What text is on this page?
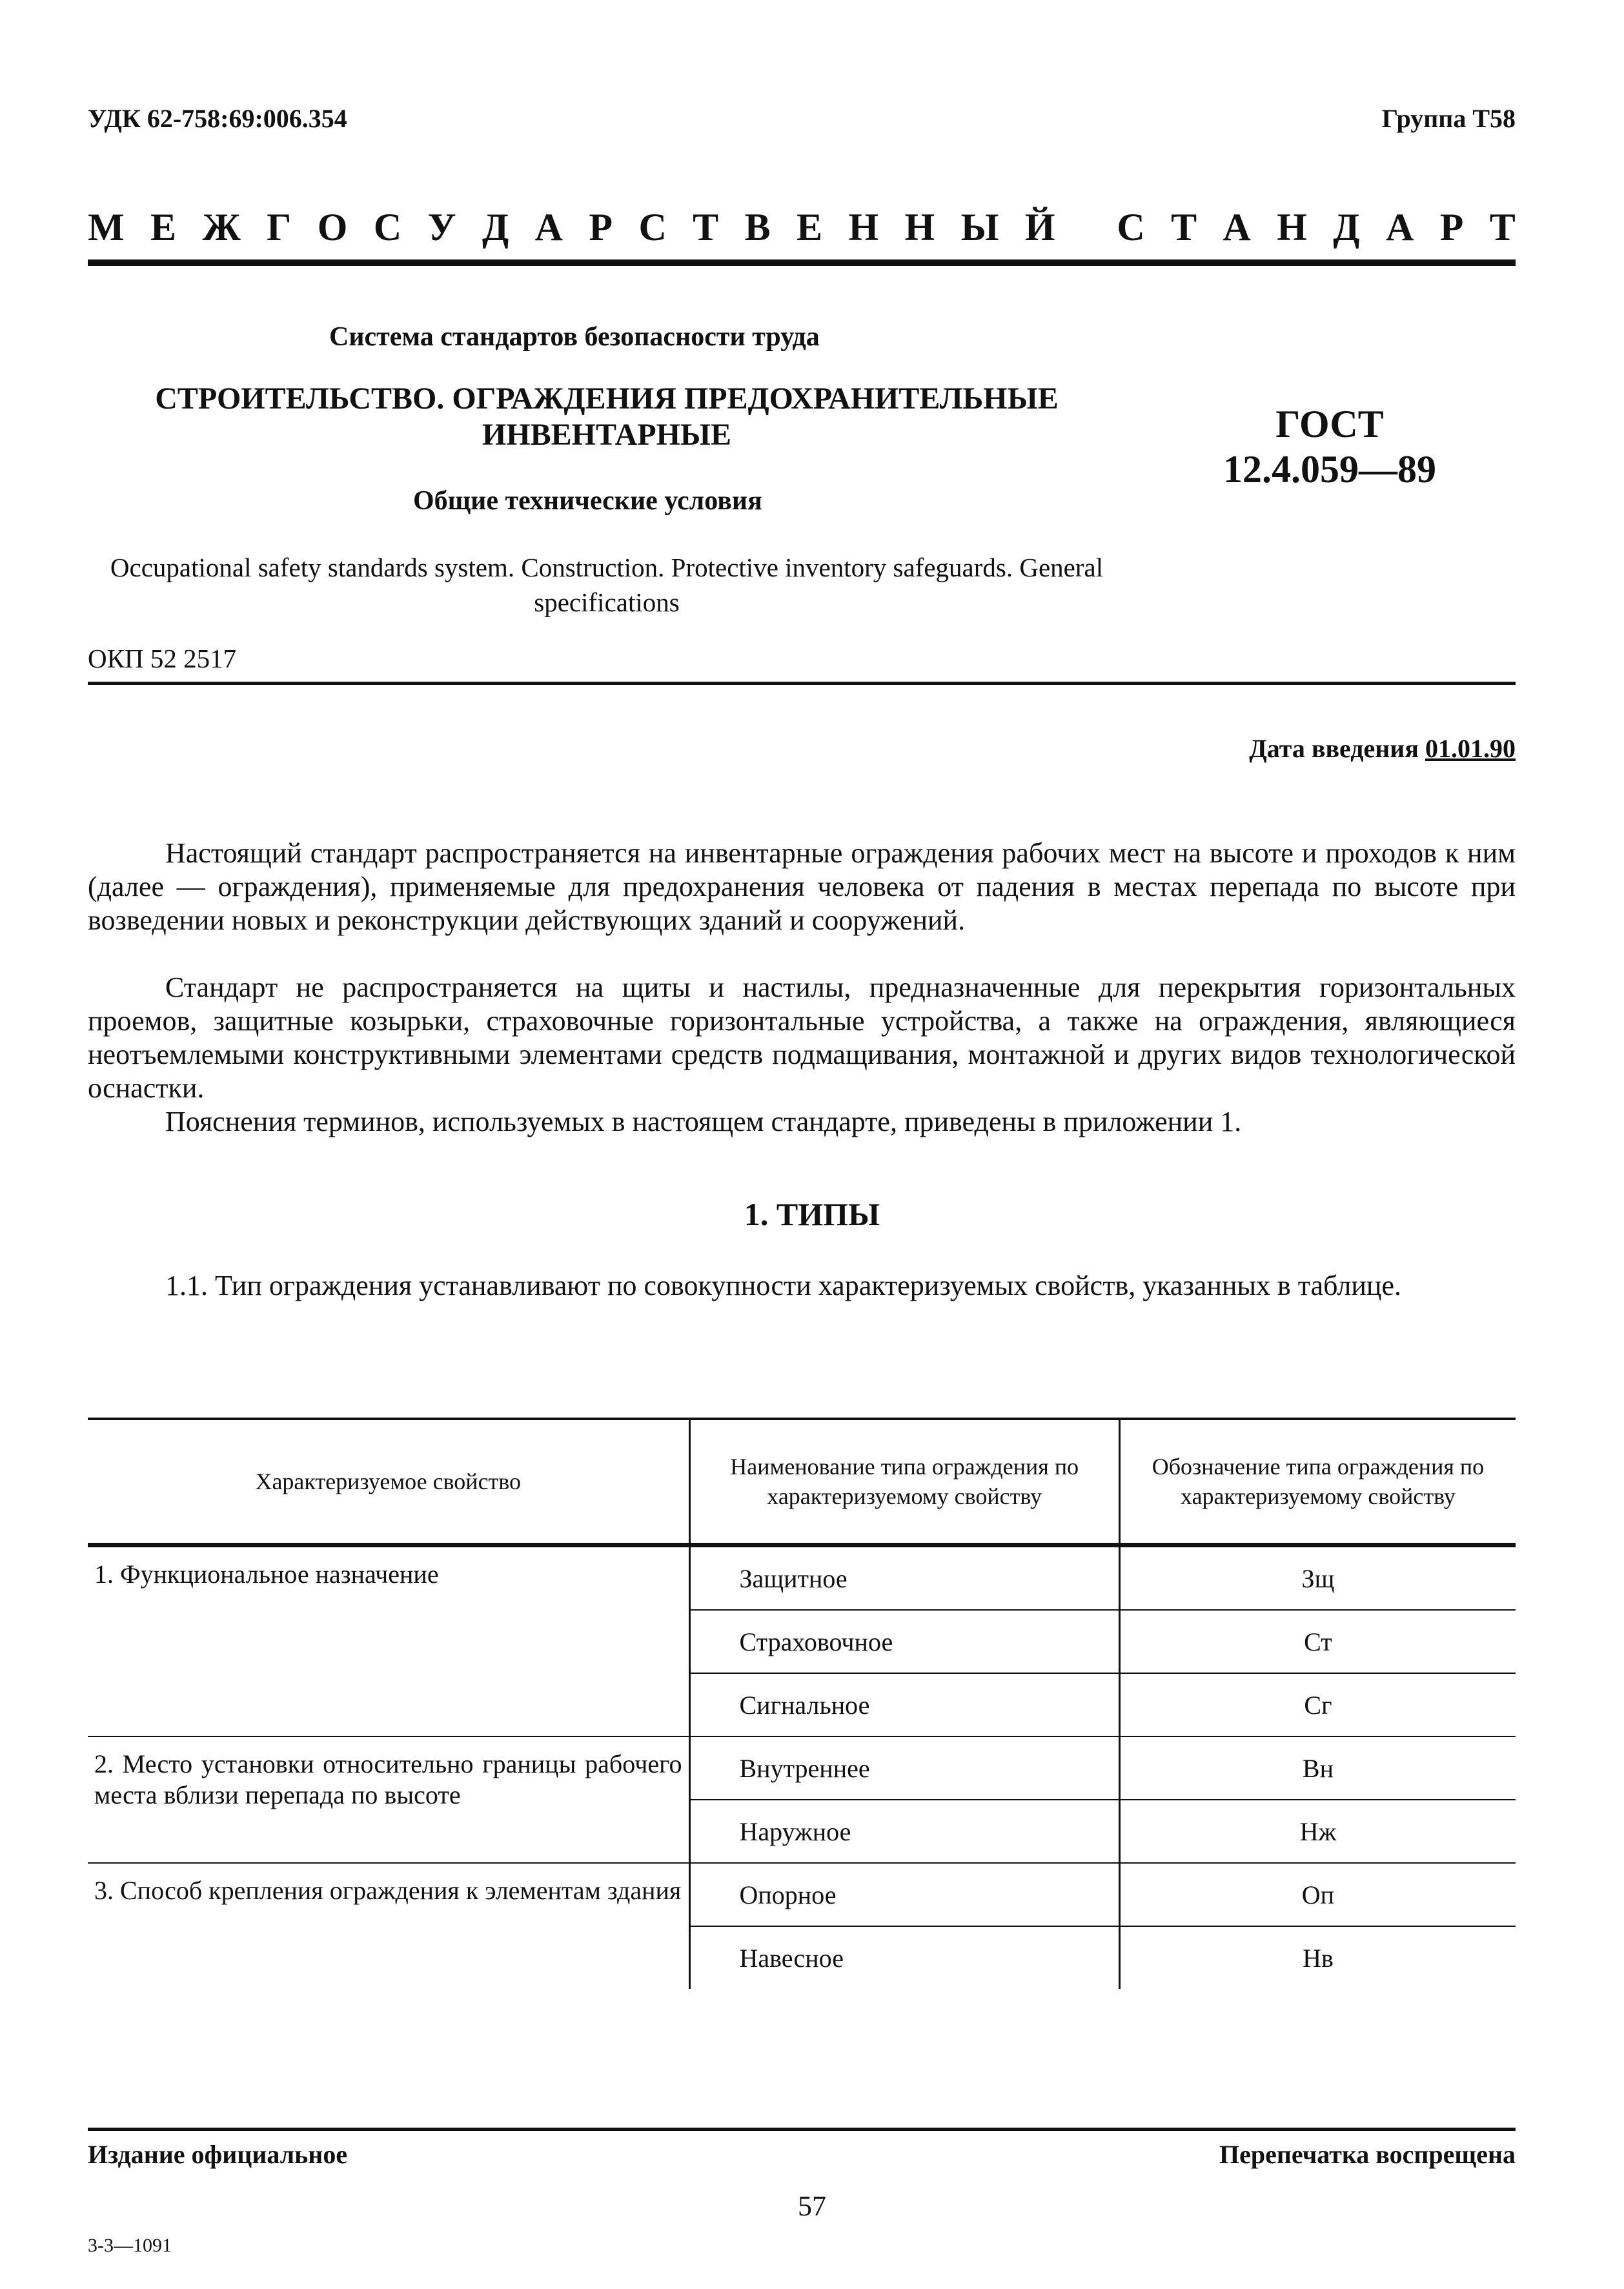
УДК 62-758:69:006.354	Группа Т58
М Е Ж Г О С У Д А Р С Т В Е Н Н Ы Й
С Т А Н Д А Р Т
Система стандартов безопасности труда
СТРОИТЕЛЬСТВО. ОГРАЖДЕНИЯ ПРЕДОХРАНИТЕЛЬНЫЕ ИНВЕНТАРНЫЕ
Общие технические условия
ГОСТ
12.4.059—89
Occupational safety standards system. Construction. Protective inventory safeguards. General specifications
ОКП 52 2517
Дата введения 01.01.90
Настоящий стандарт распространяется на инвентарные ограждения рабочих мест на высоте и проходов к ним (далее — ограждения), применяемые для предохранения человека от падения в местах перепада по высоте при возведении новых и реконструкции действующих зданий и сооружений.
Стандарт не распространяется на щиты и настилы, предназначенные для перекрытия горизонтальных проемов, защитные козырьки, страховочные горизонтальные устройства, а также на ограждения, являющиеся неотъемлемыми конструктивными элементами средств подмащивания, монтажной и других видов технологической оснастки.
Пояснения терминов, используемых в настоящем стандарте, приведены в приложении 1.
1. ТИПЫ
1.1. Тип ограждения устанавливают по совокупности характеризуемых свойств, указанных в таблице.
Характеризуемое свойство	Наименование типа ограждения по характеризуемому свойству	Обозначение типа ограждения по характеризуемому свойству
1. Функциональное назначение	Защитное	Зщ
	Страховочное	Ст
	Сигнальное	Сг
2. Место установки относительно границы рабочего места вблизи перепада по высоте	Внутреннее	Вн
	Наружное	Нж
3. Способ крепления ограждения к элементам здания	Опорное	Оп
	Навесное	Нв
Издание официальное	Перепечатка воспрещена
57
3-3—1091
